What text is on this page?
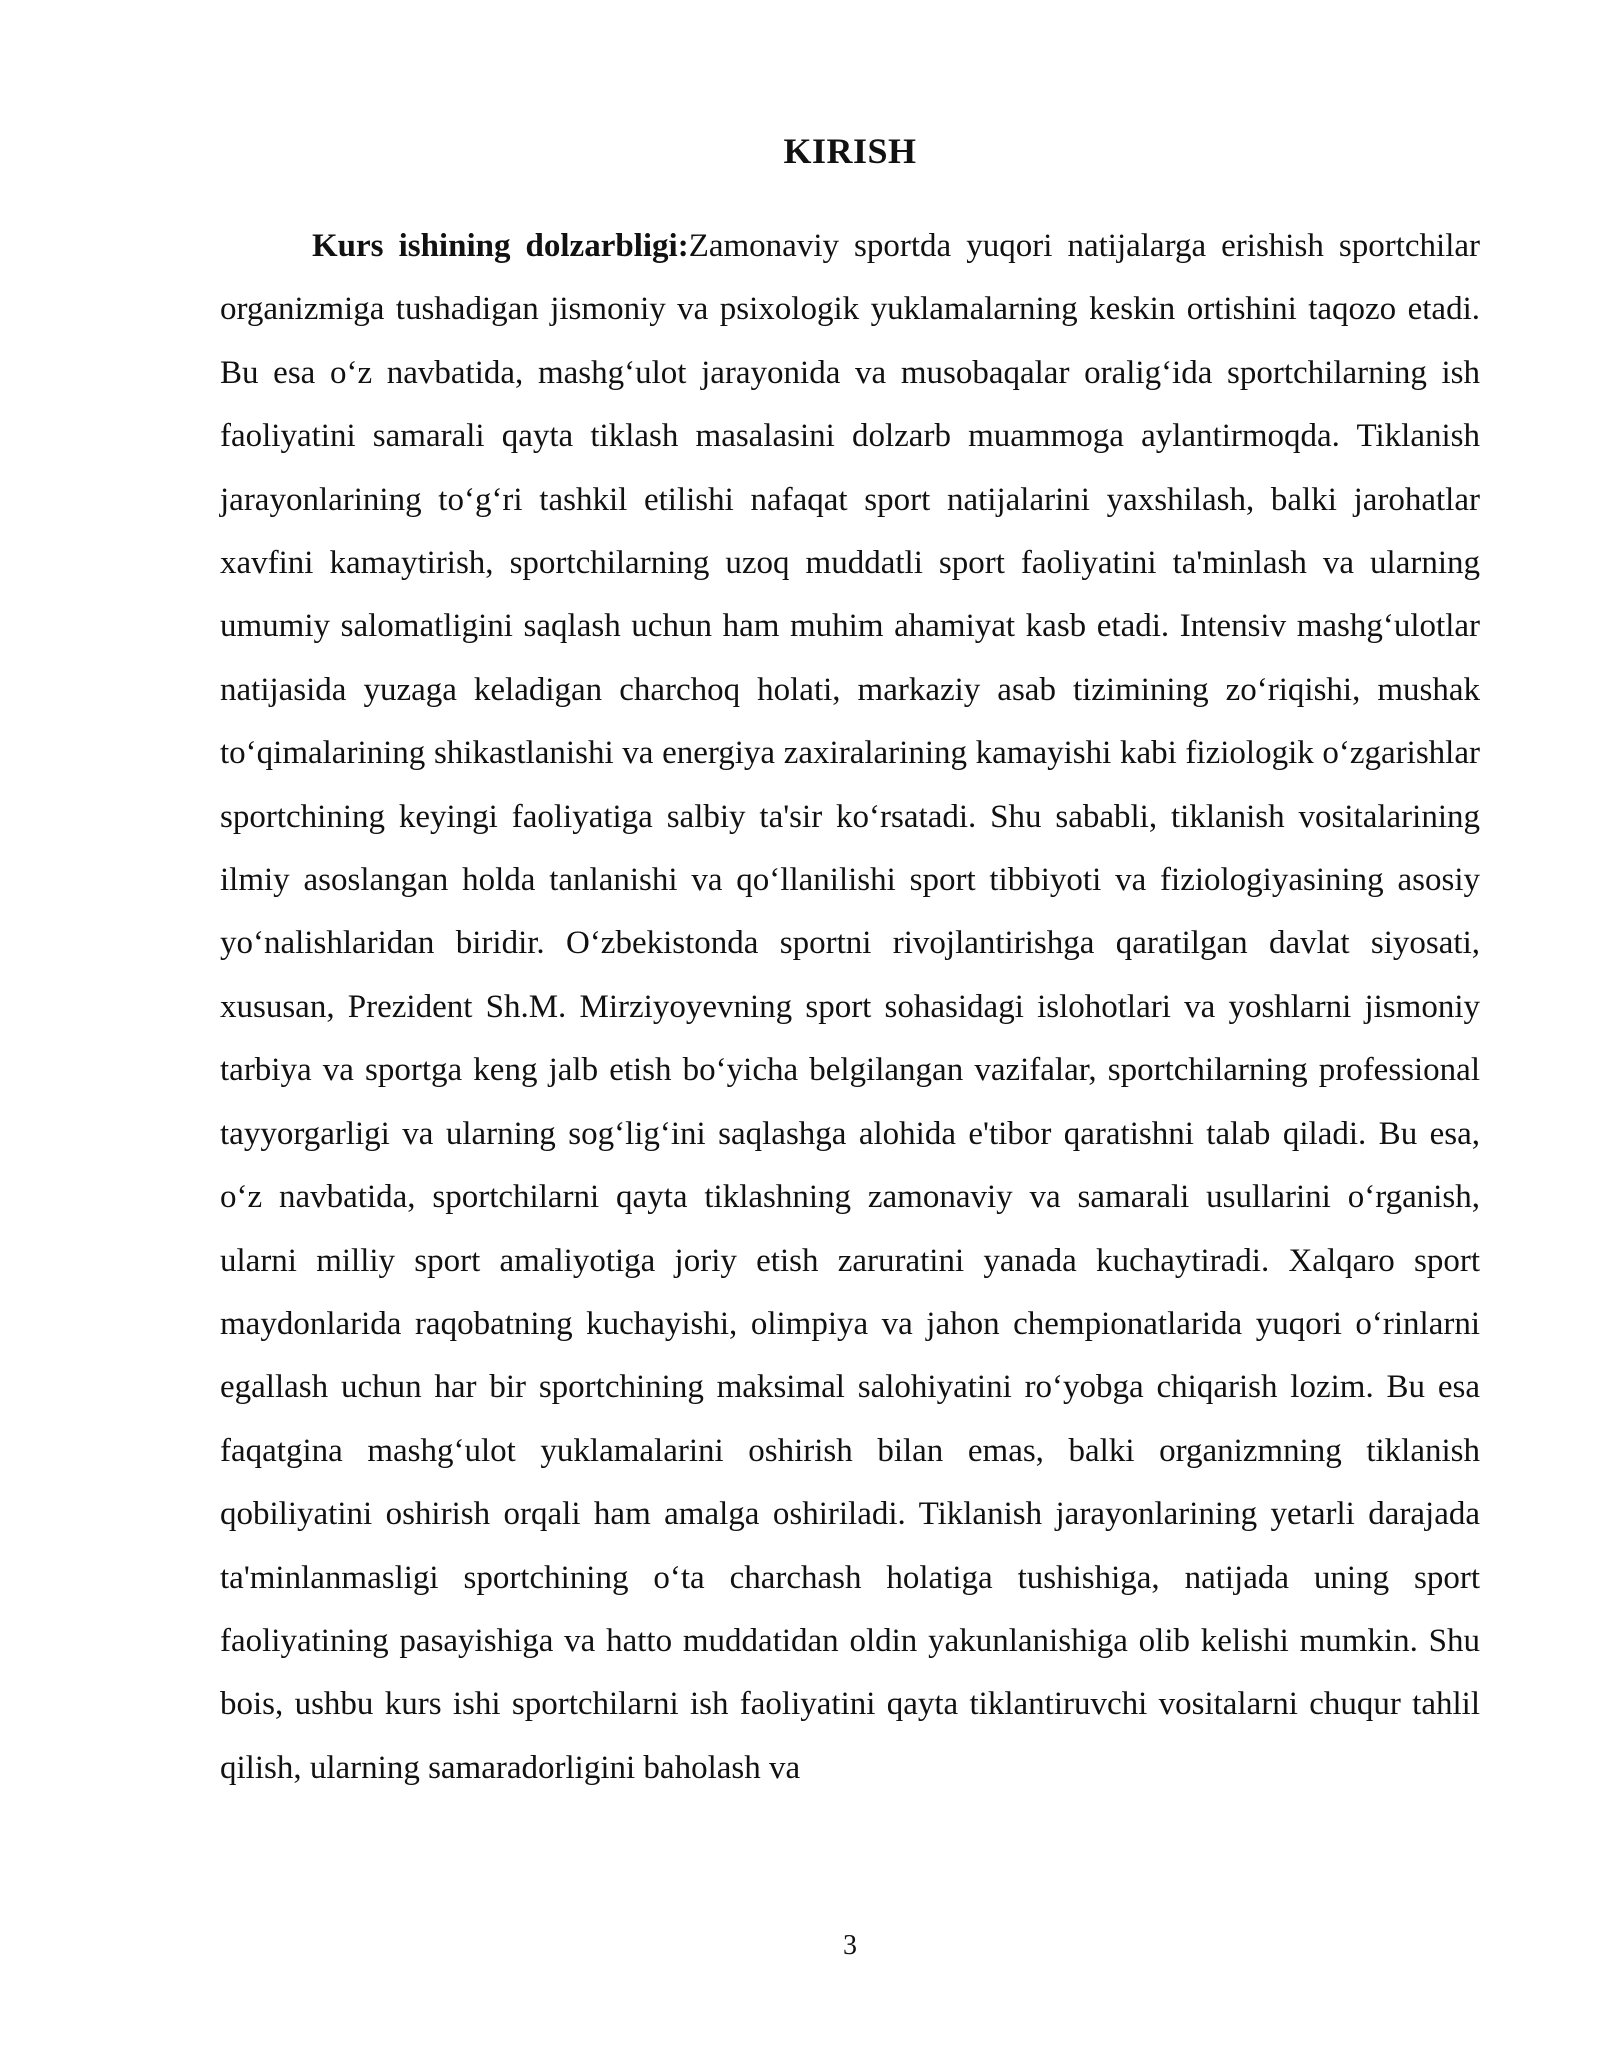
KIRISH

Kurs ishining dolzarbligi:Zamonaviy sportda yuqori natijalarga erishish sportchilar organizmiga tushadigan jismoniy va psixologik yuklamalarning keskin ortishini taqozo etadi. Bu esa o‘z navbatida, mashg‘ulot jarayonida va musobaqalar oralig‘ida sportchilarning ish faoliyatini samarali qayta tiklash masalasini dolzarb muammoga aylantirmoqda. Tiklanish jarayonlarining to‘g‘ri tashkil etilishi nafaqat sport natijalarini yaxshilash, balki jarohatlar xavfini kamaytirish, sportchilarning uzoq muddatli sport faoliyatini ta'minlash va ularning umumiy salomatligini saqlash uchun ham muhim ahamiyat kasb etadi. Intensiv mashg‘ulotlar natijasida yuzaga keladigan charchoq holati, markaziy asab tizimining zo‘riqishi, mushak to‘qimalarining shikastlanishi va energiya zaxiralarining kamayishi kabi fiziologik o‘zgarishlar sportchining keyingi faoliyatiga salbiy ta'sir ko‘rsatadi. Shu sababli, tiklanish vositalarining ilmiy asoslangan holda tanlanishi va qo‘llanilishi sport tibbiyoti va fiziologiyasining asosiy yo‘nalishlaridan biridir. O‘zbekistonda sportni rivojlantirishga qaratilgan davlat siyosati, xususan, Prezident Sh.M. Mirziyoyevning sport sohasidagi islohotlari va yoshlarni jismoniy tarbiya va sportga keng jalb etish bo‘yicha belgilangan vazifalar, sportchilarning professional tayyorgarligi va ularning sog‘lig‘ini saqlashga alohida e'tibor qaratishni talab qiladi. Bu esa, o‘z navbatida, sportchilarni qayta tiklashning zamonaviy va samarali usullarini o‘rganish, ularni milliy sport amaliyotiga joriy etish zaruratini yanada kuchaytiradi. Xalqaro sport maydonlarida raqobatning kuchayishi, olimpiya va jahon chempionatlarida yuqori o‘rinlarni egallash uchun har bir sportchining maksimal salohiyatini ro‘yobga chiqarish lozim. Bu esa faqatgina mashg‘ulot yuklamalarini oshirish bilan emas, balki organizmning tiklanish qobiliyatini oshirish orqali ham amalga oshiriladi. Tiklanish jarayonlarining yetarli darajada ta'minlanmasligi sportchining o‘ta charchash holatiga tushishiga, natijada uning sport faoliyatining pasayishiga va hatto muddatidan oldin yakunlanishiga olib kelishi mumkin. Shu bois, ushbu kurs ishi sportchilarni ish faoliyatini qayta tiklantiruvchi vositalarni chuqur tahlil qilish, ularning samaradorligini baholash va

3
